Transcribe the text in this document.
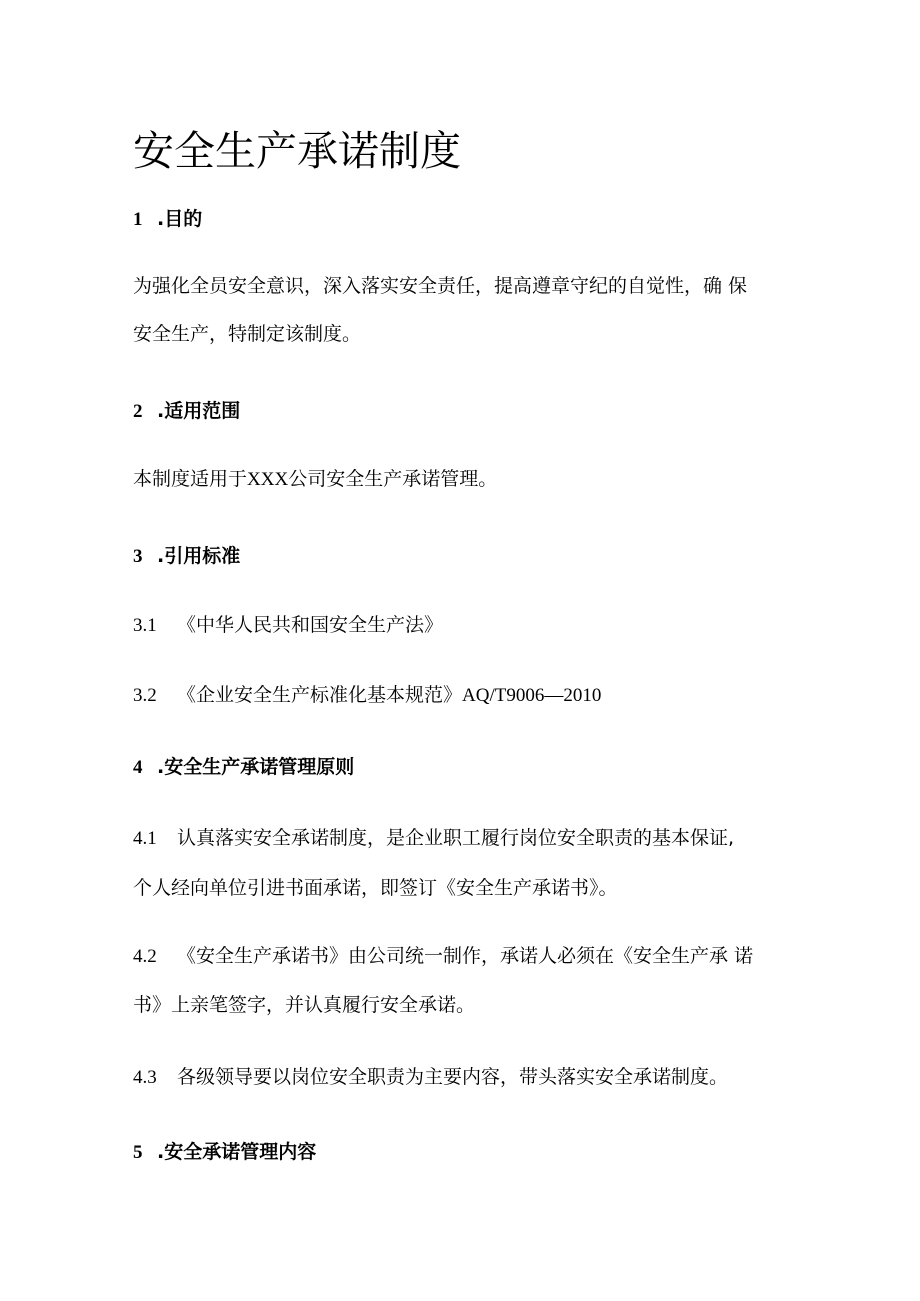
安全生产承诺制度
1 .目的
为强化全员安全意识，深入落实安全责任，提高遵章守纪的自觉性，确 保
安全生产，特制定该制度。
2 .适用范围
本制度适用于XXX公司安全生产承诺管理。
3 .引用标准
3.1 《中华人民共和国安全生产法》
3.2 《企业安全生产标准化基本规范》AQ/T9006—2010
4 .安全生产承诺管理原则
4.1 认真落实安全承诺制度，是企业职工履行岗位安全职责的基本保证,
个人经向单位引进书面承诺，即签订《安全生产承诺书》。
4.2 《安全生产承诺书》由公司统一制作，承诺人必须在《安全生产承 诺
书》上亲笔签字，并认真履行安全承诺。
4.3 各级领导要以岗位安全职责为主要内容，带头落实安全承诺制度。
5 .安全承诺管理内容
